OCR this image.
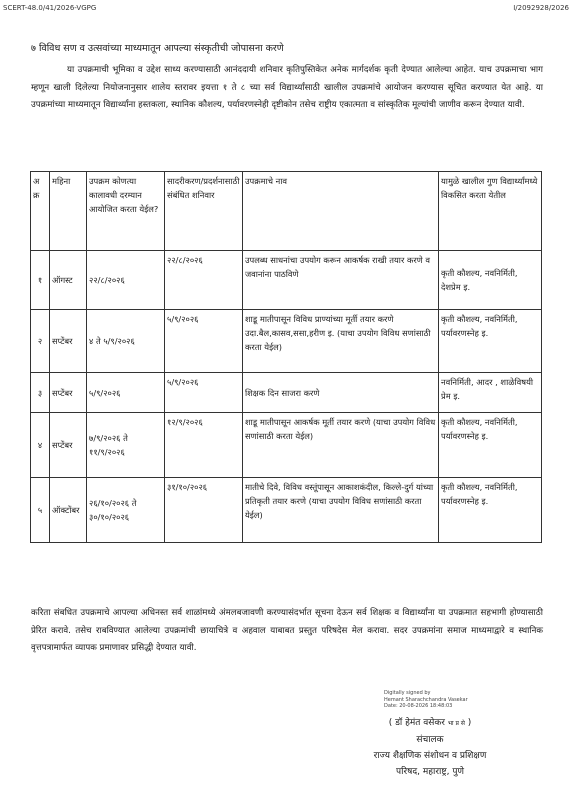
SCERT-48.0/41/2026-VGPG	I/2092928/2026
७ विविध सण व उत्सवांच्या माध्यमातून आपल्या संस्कृतीची जोपासना करणे
या उपक्रमाची भूमिका व उद्देश साध्य करण्यासाठी आनंददायी शनिवार कृतिपुस्तिकेत अनेक मार्गदर्शक कृती देण्यात आलेल्या आहेत. याच उपक्रमाचा भाग म्हणून खाली दिलेल्या नियोजनानुसार शालेय स्तरावर इयत्ता १ ते ८ च्या सर्व विद्यार्थ्यांसाठी खालील उपक्रमांचे आयोजन करण्यास सूचित करण्यात येत आहे. या उपक्रमांच्या माध्यमातून विद्यार्थ्यांना हस्तकला, स्थानिक कौशल्य, पर्यावरणस्नेही दृष्टीकोन तसेच राष्ट्रीय एकात्मता व सांस्कृतिक मूल्यांची जाणीव करून देण्यात यावी.
अ क्र	महिना	उपक्रम कोणत्या कालावधी दरम्यान आयोजित करता येईल?	सादरीकरण/प्रदर्शनासाठी संबंधित शनिवार	उपक्रमाचे नाव	यामुळे खालील गुण विद्यार्थ्यांमध्ये विकसित करता येतील
१	ऑगस्ट	२२/८/२०२६	२२/८/२०२६	उपलब्ध साधनांचा उपयोग करून आकर्षक राखी तयार करणे व जवानांना पाठविणे	कृती कौशल्य, नवनिर्मिती, देशप्रेम इ.
२	सप्टेंबर	४ ते ५/९/२०२६	५/९/२०२६	शाडू मातीपासून विविध प्राण्यांच्या मूर्ती तयार करणे उदा.बैल,कासव,ससा,हरीण इ. (याचा उपयोग विविध सणांसाठी करता येईल)	कृती कौशल्य, नवनिर्मिती, पर्यावरणस्नेह इ.
३	सप्टेंबर	५/९/२०२६	५/९/२०२६	शिक्षक दिन साजरा करणे	नवनिर्मिती, आदर , शाळेविषयी प्रेम इ.
४	सप्टेंबर	७/९/२०२६ ते ११/९/२०२६	१२/९/२०२६	शाडू मातीपासून आकर्षक मूर्ती तयार करणे (याचा उपयोग विविध सणांसाठी करता येईल)	कृती कौशल्य, नवनिर्मिती, पर्यावरणस्नेह इ.
५	ऑक्टोंबर	२६/१०/२०२६ ते ३०/१०/२०२६	३१/१०/२०२६	मातीचे दिवे, विविध वस्तूंपासून आकाशकंदील, किल्ले-दुर्ग यांच्या प्रतिकृती तयार करणे (याचा उपयोग विविध सणांसाठी करता येईल)	कृती कौशल्य, नवनिर्मिती, पर्यावरणस्नेह इ.
करिता संबधित उपक्रमाचे आपल्या अधिनस्त सर्व शाळांमध्ये अंमलबजावणी करण्यासंदर्भात सूचना देऊन सर्व शिक्षक व विद्यार्थ्यांना या उपक्रमात सहभागी होण्यासाठी प्रेरित करावे. तसेच राबविण्यात आलेल्या उपक्रमांची छायाचित्रे व अहवाल याबाबत प्रस्तुत परिषदेस मेल करावा. सदर उपक्रमांना समाज माध्यमाद्वारे व स्थानिक वृत्तपत्रामार्फत व्यापक प्रमाणावर प्रसिद्धी देण्यात यावी.
Digitally signed by
Hemant Sharachchandra Vasekar
Date: 20-08-2026 18:48:03
( डॉ हेमंत वसेकर भा प्र से )
संचालक
राज्य शैक्षणिक संशोधन व प्रशिक्षण
परिषद, महाराष्ट्र, पुणे
